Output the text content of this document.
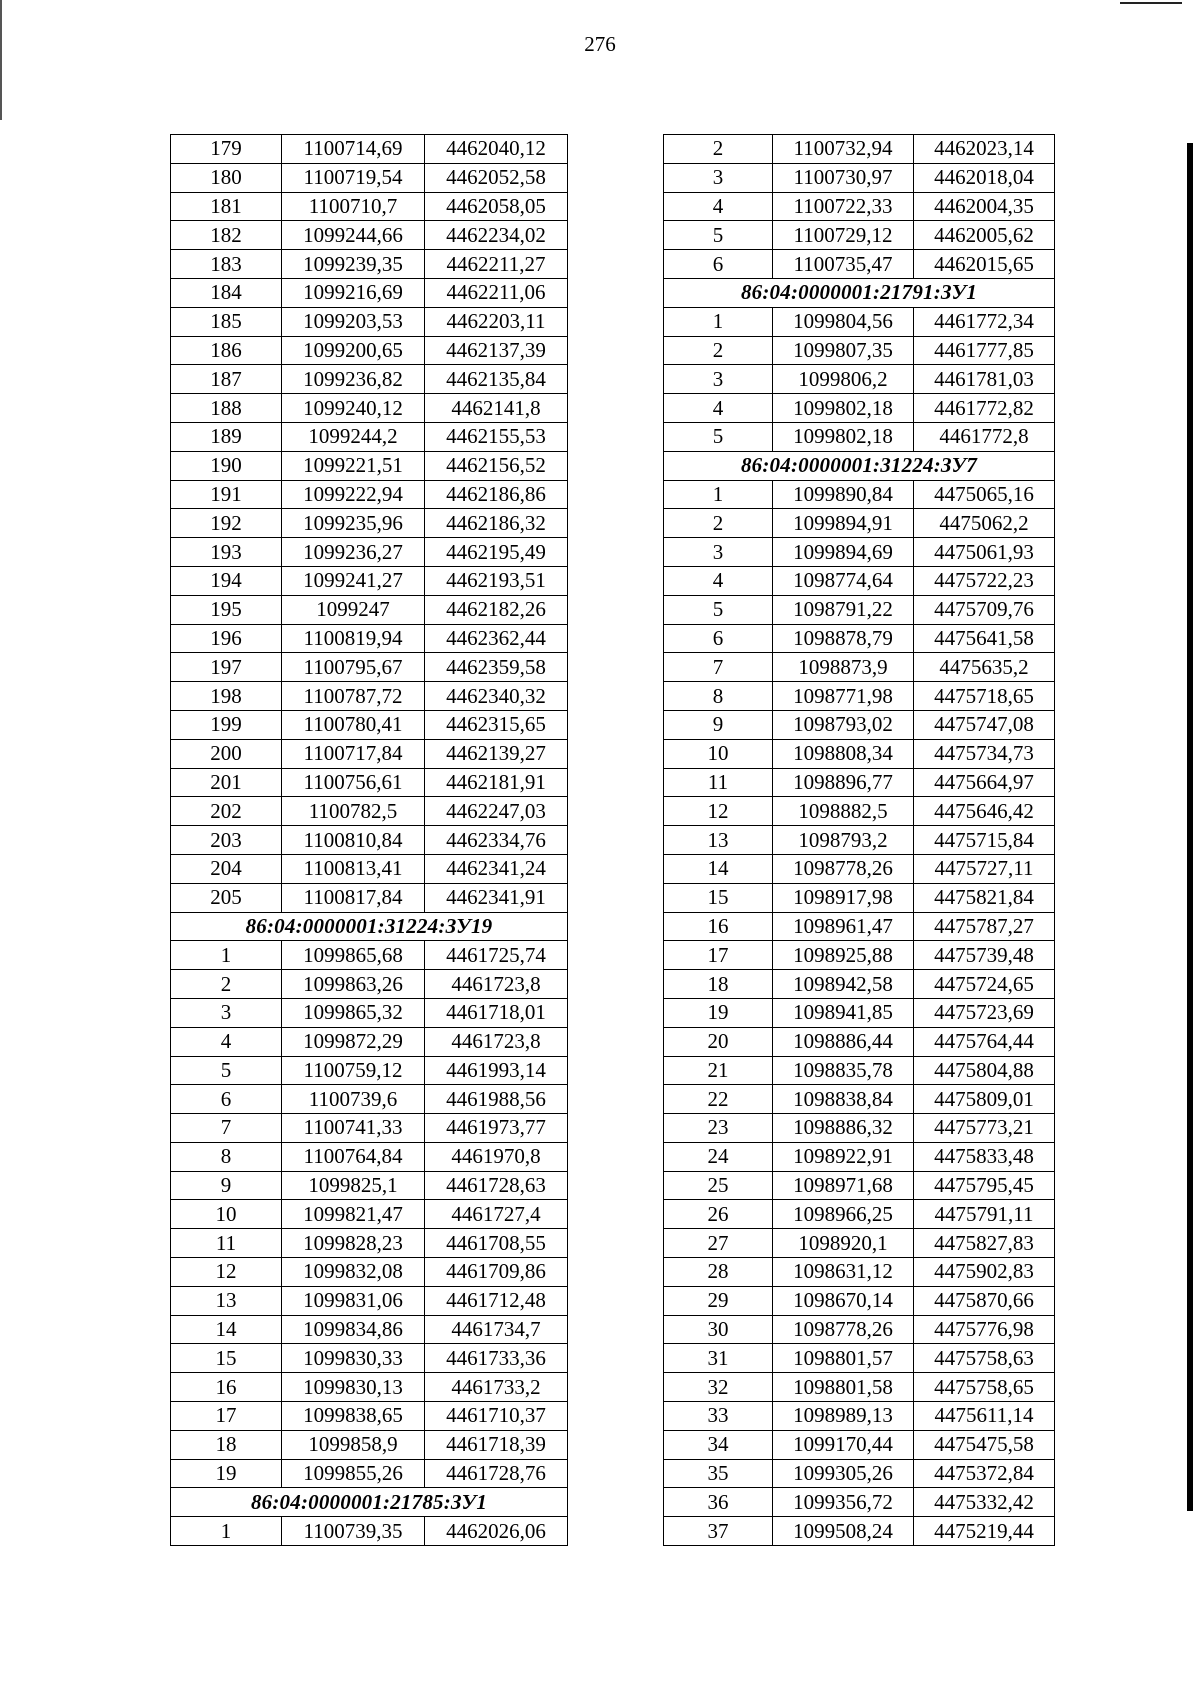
276
179	1100714,69	4462040,12
180	1100719,54	4462052,58
181	1100710,7	4462058,05
182	1099244,66	4462234,02
183	1099239,35	4462211,27
184	1099216,69	4462211,06
185	1099203,53	4462203,11
186	1099200,65	4462137,39
187	1099236,82	4462135,84
188	1099240,12	4462141,8
189	1099244,2	4462155,53
190	1099221,51	4462156,52
191	1099222,94	4462186,86
192	1099235,96	4462186,32
193	1099236,27	4462195,49
194	1099241,27	4462193,51
195	1099247	4462182,26
196	1100819,94	4462362,44
197	1100795,67	4462359,58
198	1100787,72	4462340,32
199	1100780,41	4462315,65
200	1100717,84	4462139,27
201	1100756,61	4462181,91
202	1100782,5	4462247,03
203	1100810,84	4462334,76
204	1100813,41	4462341,24
205	1100817,84	4462341,91
86:04:0000001:31224:ЗУ19		
1	1099865,68	4461725,74
2	1099863,26	4461723,8
3	1099865,32	4461718,01
4	1099872,29	4461723,8
5	1100759,12	4461993,14
6	1100739,6	4461988,56
7	1100741,33	4461973,77
8	1100764,84	4461970,8
9	1099825,1	4461728,63
10	1099821,47	4461727,4
11	1099828,23	4461708,55
12	1099832,08	4461709,86
13	1099831,06	4461712,48
14	1099834,86	4461734,7
15	1099830,33	4461733,36
16	1099830,13	4461733,2
17	1099838,65	4461710,37
18	1099858,9	4461718,39
19	1099855,26	4461728,76
86:04:0000001:21785:ЗУ1		
1	1100739,35	4462026,06
2	1100732,94	4462023,14
3	1100730,97	4462018,04
4	1100722,33	4462004,35
5	1100729,12	4462005,62
6	1100735,47	4462015,65
86:04:0000001:21791:ЗУ1		
1	1099804,56	4461772,34
2	1099807,35	4461777,85
3	1099806,2	4461781,03
4	1099802,18	4461772,82
5	1099802,18	4461772,8
86:04:0000001:31224:ЗУ7		
1	1099890,84	4475065,16
2	1099894,91	4475062,2
3	1099894,69	4475061,93
4	1098774,64	4475722,23
5	1098791,22	4475709,76
6	1098878,79	4475641,58
7	1098873,9	4475635,2
8	1098771,98	4475718,65
9	1098793,02	4475747,08
10	1098808,34	4475734,73
11	1098896,77	4475664,97
12	1098882,5	4475646,42
13	1098793,2	4475715,84
14	1098778,26	4475727,11
15	1098917,98	4475821,84
16	1098961,47	4475787,27
17	1098925,88	4475739,48
18	1098942,58	4475724,65
19	1098941,85	4475723,69
20	1098886,44	4475764,44
21	1098835,78	4475804,88
22	1098838,84	4475809,01
23	1098886,32	4475773,21
24	1098922,91	4475833,48
25	1098971,68	4475795,45
26	1098966,25	4475791,11
27	1098920,1	4475827,83
28	1098631,12	4475902,83
29	1098670,14	4475870,66
30	1098778,26	4475776,98
31	1098801,57	4475758,63
32	1098801,58	4475758,65
33	1098989,13	4475611,14
34	1099170,44	4475475,58
35	1099305,26	4475372,84
36	1099356,72	4475332,42
37	1099508,24	4475219,44
